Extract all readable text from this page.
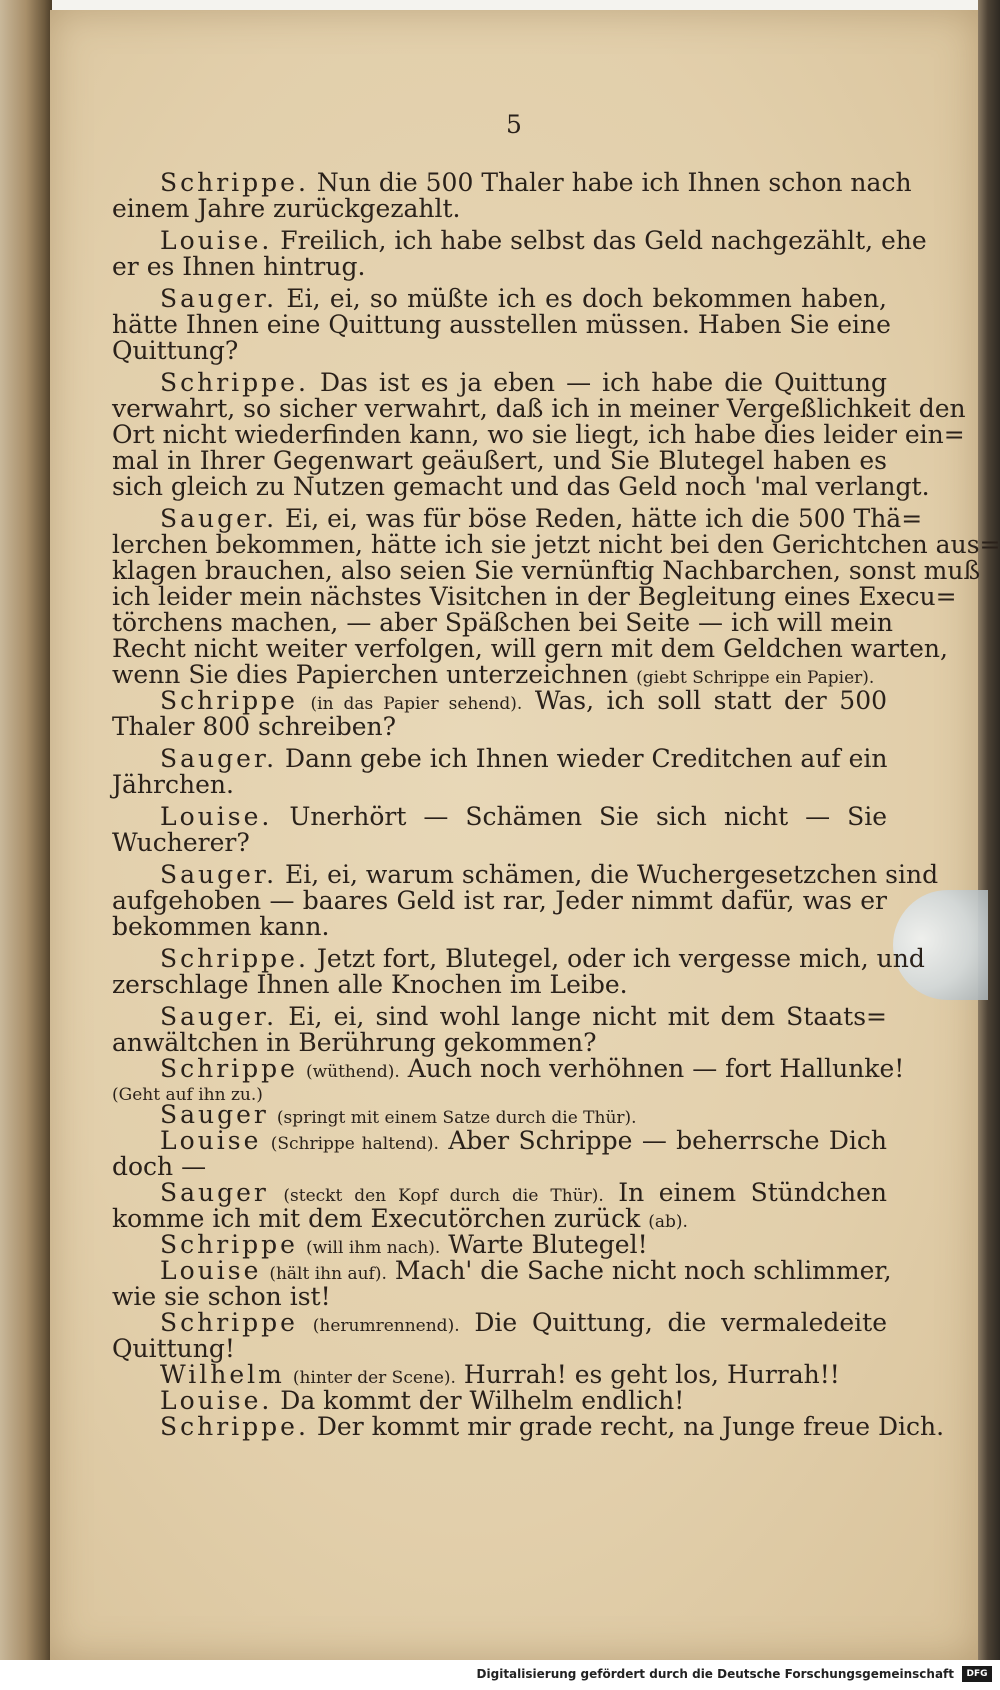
5
Schrippe. Nun die 500 Thaler habe ich Ihnen schon nach
einem Jahre zurückgezahlt.
Louise. Freilich, ich habe selbst das Geld nachgezählt, ehe
er es Ihnen hintrug.
Sauger. Ei, ei, so müßte ich es doch bekommen haben,
hätte Ihnen eine Quittung ausstellen müssen. Haben Sie eine
Quittung?
Schrippe. Das ist es ja eben — ich habe die Quittung
verwahrt, so sicher verwahrt, daß ich in meiner Vergeßlichkeit den
Ort nicht wiederfinden kann, wo sie liegt, ich habe dies leider ein=
mal in Ihrer Gegenwart geäußert, und Sie Blutegel haben es
sich gleich zu Nutzen gemacht und das Geld noch 'mal verlangt.
Sauger. Ei, ei, was für böse Reden, hätte ich die 500 Thä=
lerchen bekommen, hätte ich sie jetzt nicht bei den Gerichtchen aus=
klagen brauchen, also seien Sie vernünftig Nachbarchen, sonst muß
ich leider mein nächstes Visitchen in der Begleitung eines Execu=
törchens machen, — aber Späßchen bei Seite — ich will mein
Recht nicht weiter verfolgen, will gern mit dem Geldchen warten,
wenn Sie dies Papierchen unterzeichnen (giebt Schrippe ein Papier).
Schrippe (in das Papier sehend). Was, ich soll statt der 500
Thaler 800 schreiben?
Sauger. Dann gebe ich Ihnen wieder Creditchen auf ein
Jährchen.
Louise. Unerhört — Schämen Sie sich nicht — Sie
Wucherer?
Sauger. Ei, ei, warum schämen, die Wuchergesetzchen sind
aufgehoben — baares Geld ist rar, Jeder nimmt dafür, was er
bekommen kann.
Schrippe. Jetzt fort, Blutegel, oder ich vergesse mich, und
zerschlage Ihnen alle Knochen im Leibe.
Sauger. Ei, ei, sind wohl lange nicht mit dem Staats=
anwältchen in Berührung gekommen?
Schrippe (wüthend). Auch noch verhöhnen — fort Hallunke!
(Geht auf ihn zu.)
Sauger (springt mit einem Satze durch die Thür).
Louise (Schrippe haltend). Aber Schrippe — beherrsche Dich
doch —
Sauger (steckt den Kopf durch die Thür). In einem Stündchen
komme ich mit dem Executörchen zurück (ab).
Schrippe (will ihm nach). Warte Blutegel!
Louise (hält ihn auf). Mach' die Sache nicht noch schlimmer,
wie sie schon ist!
Schrippe (herumrennend). Die Quittung, die vermaledeite
Quittung!
Wilhelm (hinter der Scene). Hurrah! es geht los, Hurrah!!
Louise. Da kommt der Wilhelm endlich!
Schrippe. Der kommt mir grade recht, na Junge freue Dich.
Digitalisierung gefördert durch die Deutsche Forschungsgemeinschaft	DFG
